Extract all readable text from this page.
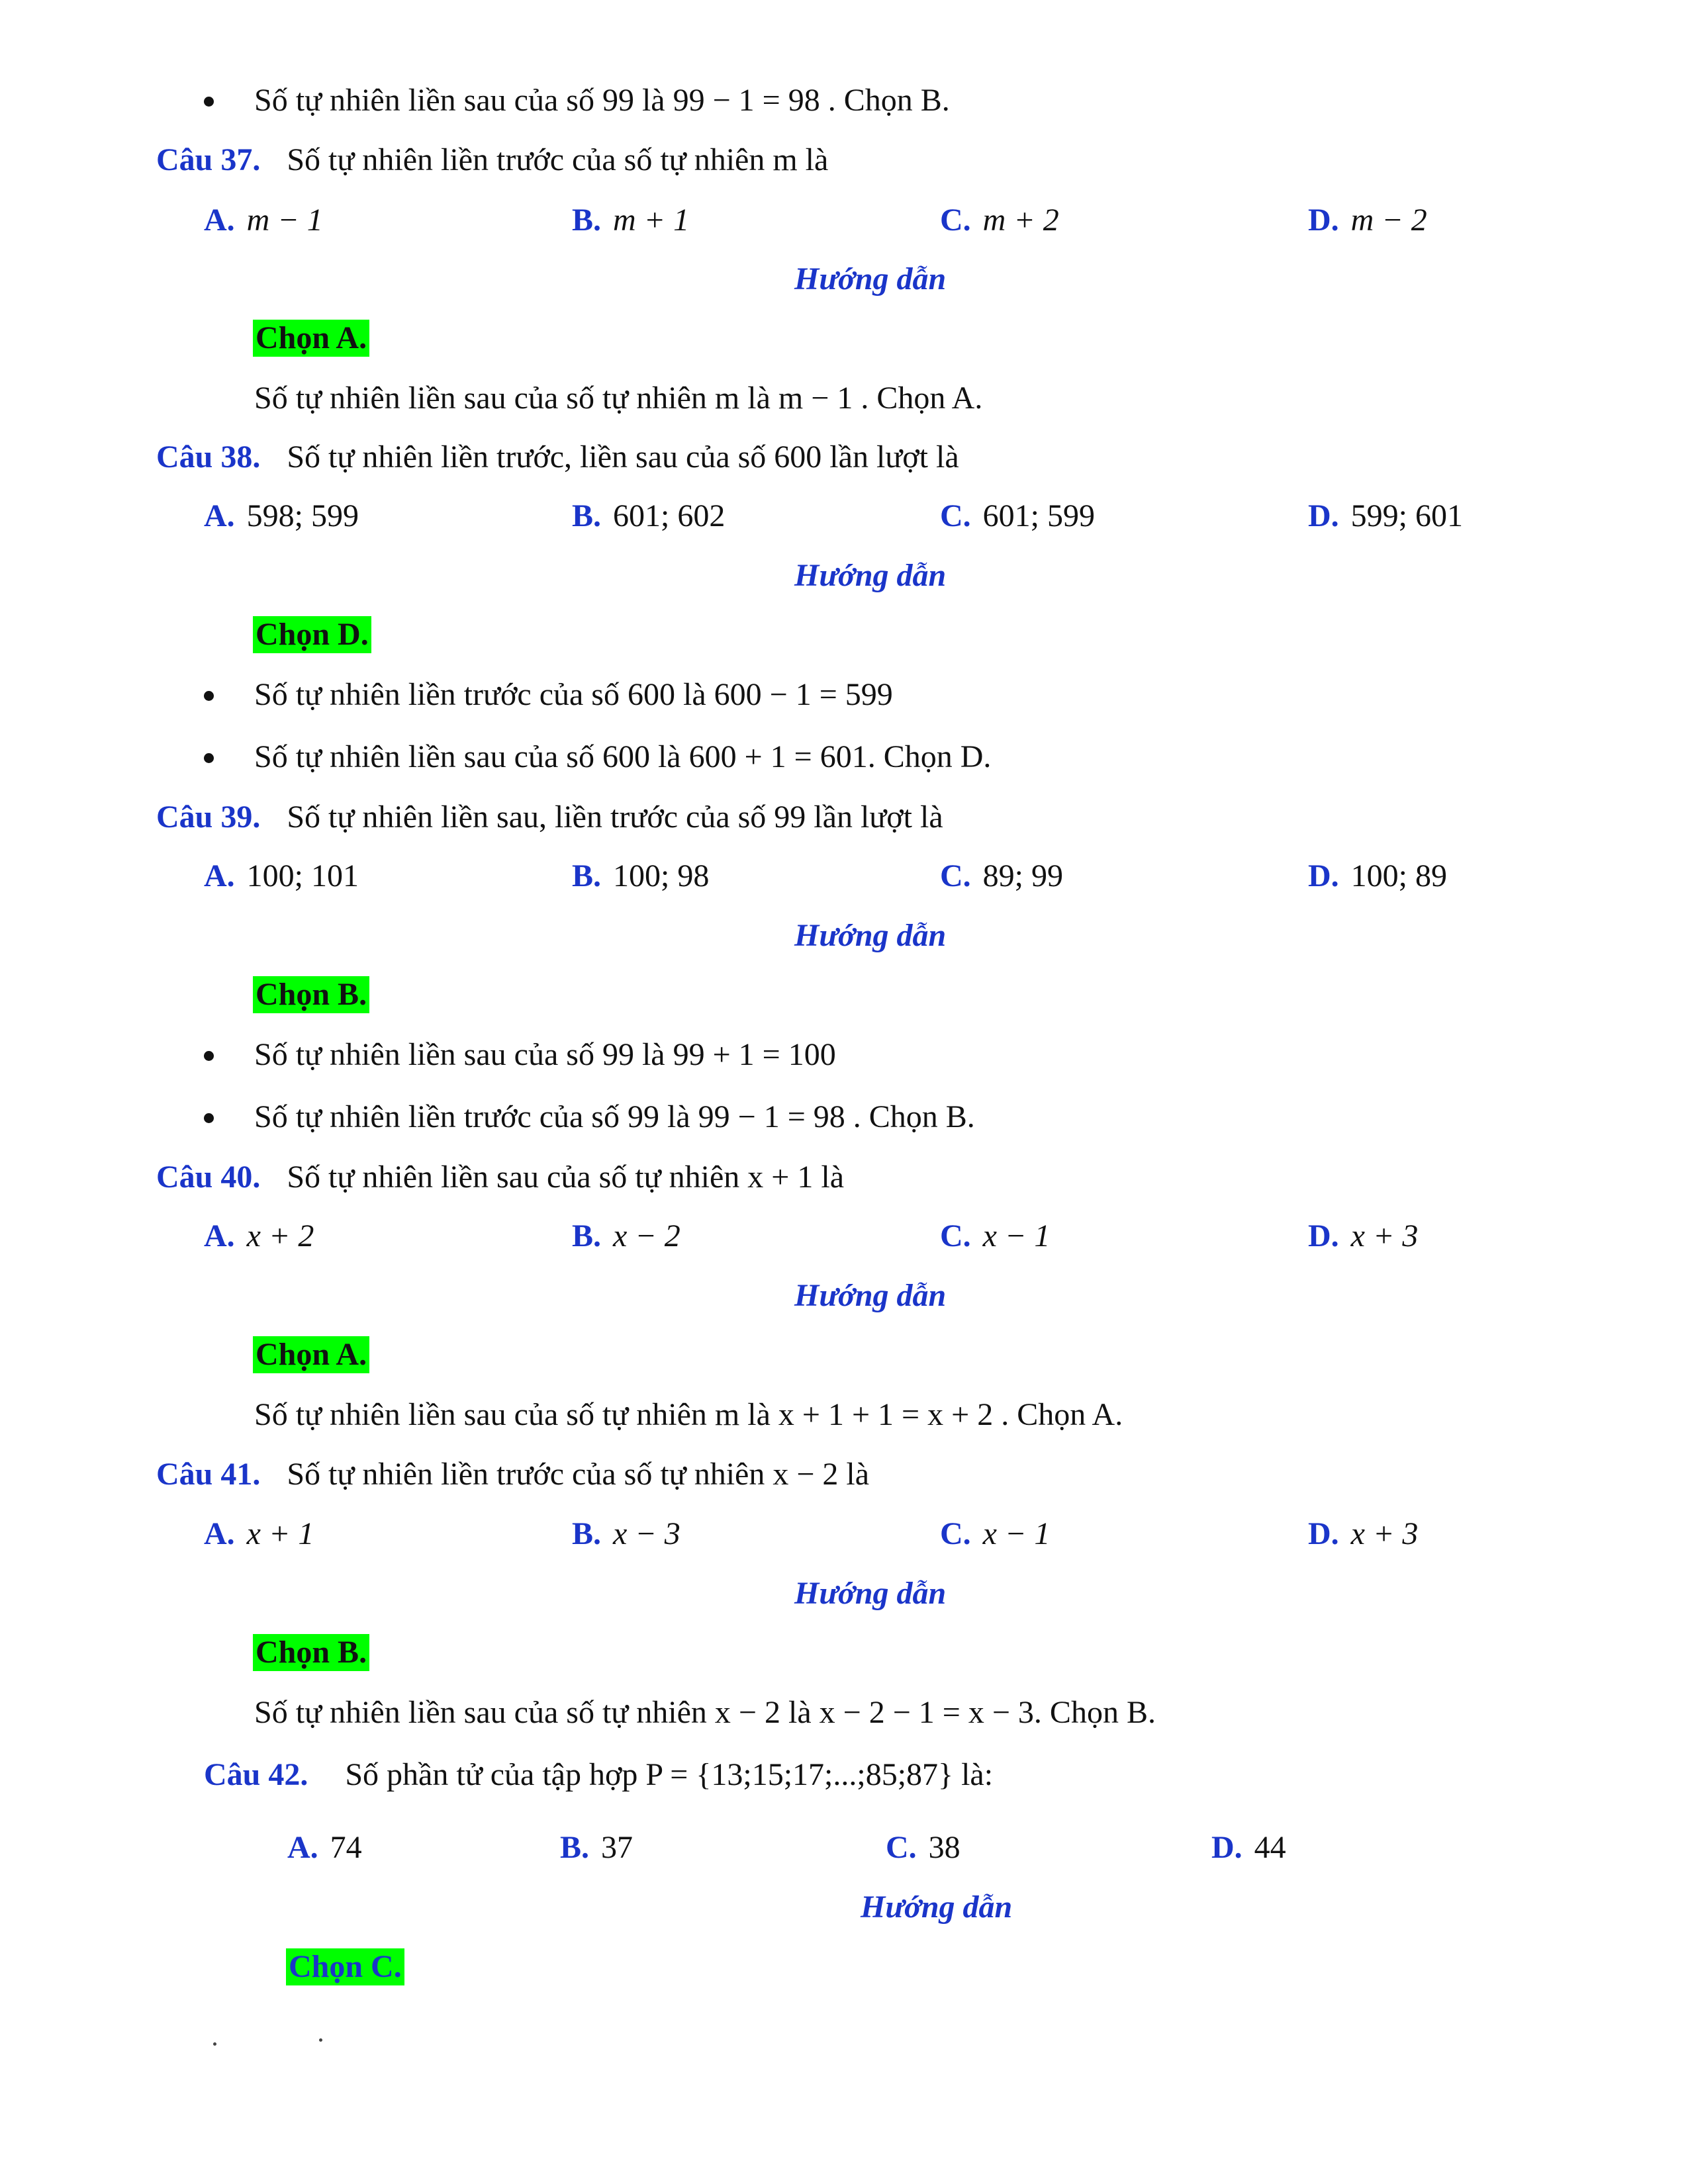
Số tự nhiên liền sau của số 99 là 99 − 1 = 98 . Chọn B.
Câu 37. Số tự nhiên liền trước của số tự nhiên m là
A. m − 1	B. m + 1	C. m + 2	D. m − 2
Hướng dẫn
Chọn A.
Số tự nhiên liền sau của số tự nhiên m là m − 1 . Chọn A.
Câu 38. Số tự nhiên liền trước, liền sau của số 600 lần lượt là
A. 598; 599	B. 601; 602	C. 601; 599	D. 599; 601
Hướng dẫn
Chọn D.
Số tự nhiên liền trước của số 600 là 600 − 1 = 599
Số tự nhiên liền sau của số 600 là 600 + 1 = 601. Chọn D.
Câu 39. Số tự nhiên liền sau, liền trước của số 99 lần lượt là
A. 100; 101	B. 100; 98	C. 89; 99	D. 100; 89
Hướng dẫn
Chọn B.
Số tự nhiên liền sau của số 99 là 99 + 1 = 100
Số tự nhiên liền trước của số 99 là 99 − 1 = 98 . Chọn B.
Câu 40. Số tự nhiên liền sau của số tự nhiên x + 1 là
A. x + 2	B. x − 2	C. x − 1	D. x + 3
Hướng dẫn
Chọn A.
Số tự nhiên liền sau của số tự nhiên m là x + 1 + 1 = x + 2 . Chọn A.
Câu 41. Số tự nhiên liền trước của số tự nhiên x − 2 là
A. x + 1	B. x − 3	C. x − 1	D. x + 3
Hướng dẫn
Chọn B.
Số tự nhiên liền sau của số tự nhiên x − 2 là x − 2 − 1 = x − 3. Chọn B.
Câu 42. Số phần tử của tập hợp P = {13;15;17;...;85;87} là:
A. 74	B. 37	C. 38	D. 44
Hướng dẫn
Chọn C.
